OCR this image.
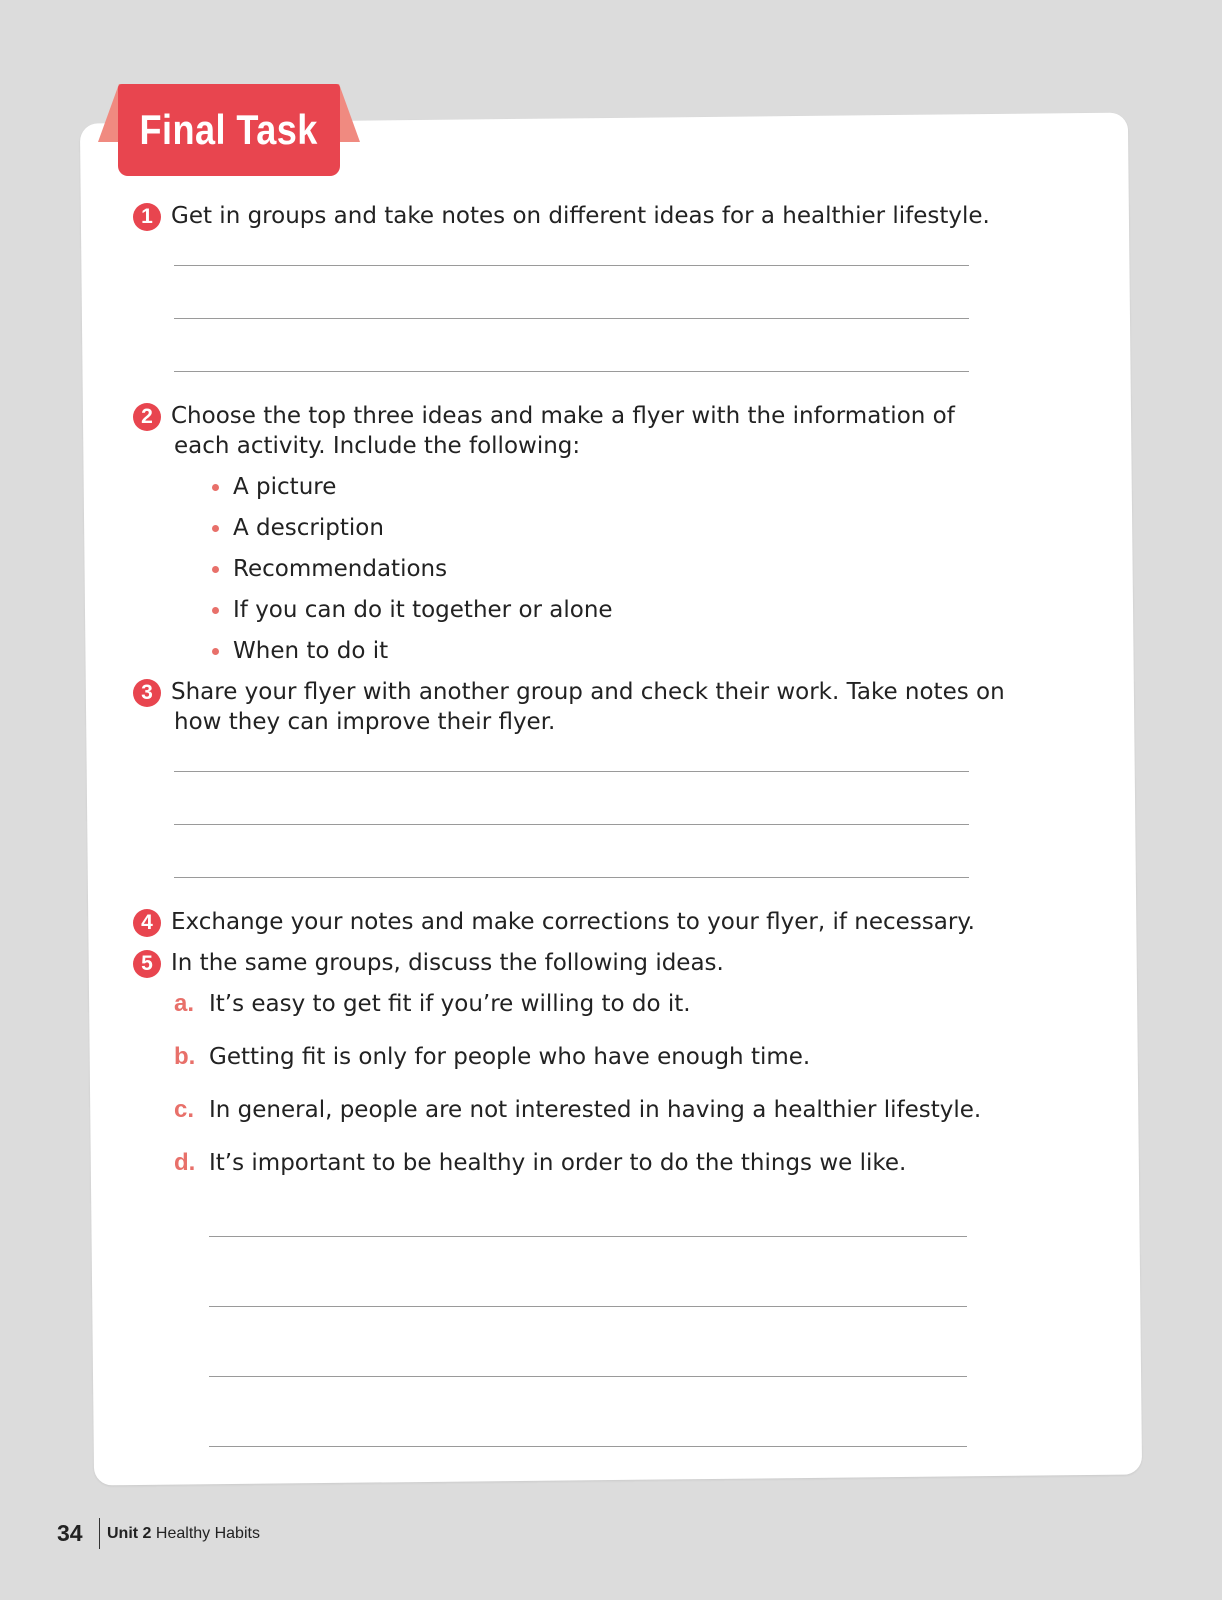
Final Task
1 Get in groups and take notes on different ideas for a healthier lifestyle.
2 Choose the top three ideas and make a flyer with the information of
each activity. Include the following:
A picture
A description
Recommendations
If you can do it together or alone
When to do it
3 Share your flyer with another group and check their work. Take notes on
how they can improve their flyer.
4 Exchange your notes and make corrections to your flyer, if necessary.
5 In the same groups, discuss the following ideas.
a. It’s easy to get fit if you’re willing to do it.
b. Getting fit is only for people who have enough time.
c. In general, people are not interested in having a healthier lifestyle.
d. It’s important to be healthy in order to do the things we like.
34 Unit 2 Healthy Habits
